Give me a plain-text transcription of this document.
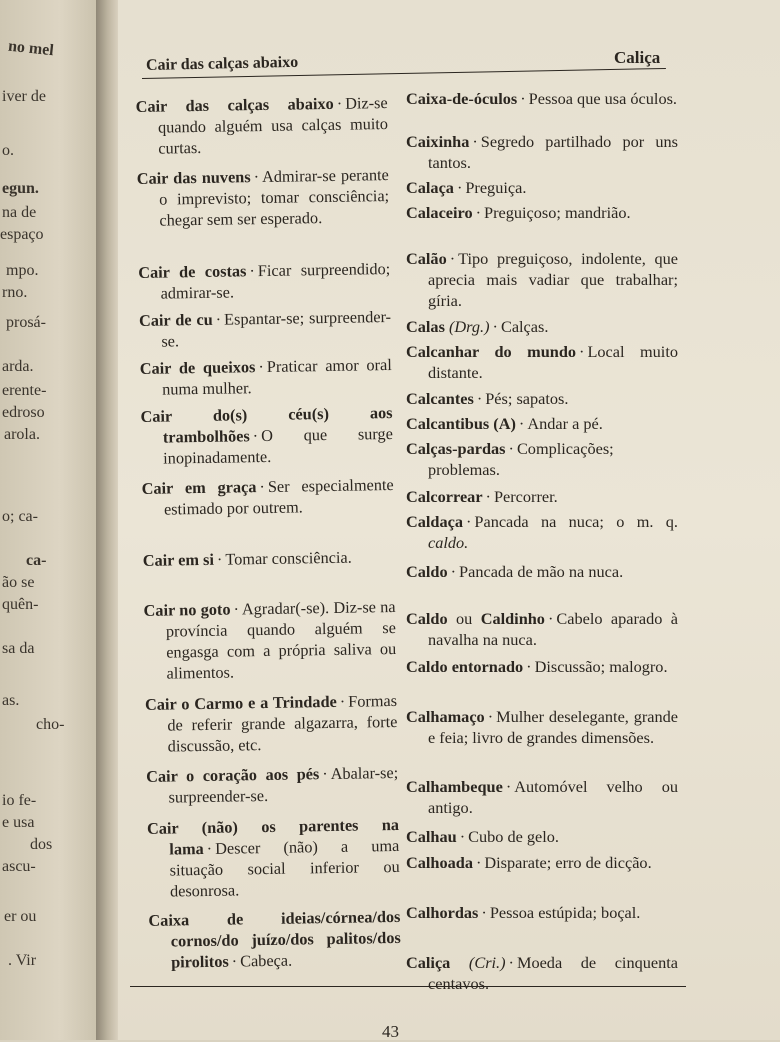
no mel
iver de
o.
egun.
na de
espaço
mpo.
rno.
prosá-
arda.
erente-
edroso
arola.
o; ca-
ca-
ão se
quên-
sa da
as.
cho-
io fe-
e usa
dos
ascu-
er ou
. Vir
Cair das calças abaixo	Caliça
Cair das calças abaixo · Diz-se quando alguém usa calças muito curtas.
Cair das nuvens · Admirar-se perante o imprevisto; tomar consciência; chegar sem ser esperado.
Cair de costas · Ficar surpreendido; admirar-se.
Cair de cu · Espantar-se; surpreender-se.
Cair de queixos · Praticar amor oral numa mulher.
Cair do(s) céu(s) aos trambolhões · O que surge inopinadamente.
Cair em graça · Ser especialmente estimado por outrem.
Cair em si · Tomar consciência.
Cair no goto · Agradar(-se). Diz-se na província quando alguém se engasga com a própria saliva ou alimentos.
Cair o Carmo e a Trindade · Formas de referir grande algazarra, forte discussão, etc.
Cair o coração aos pés · Abalar-se; surpreender-se.
Cair (não) os parentes na lama · Descer (não) a uma situação social inferior ou desonrosa.
Caixa de ideias/córnea/dos cornos/do juízo/dos palitos/dos pirolitos · Cabeça.
Caixa-de-óculos · Pessoa que usa óculos.
Caixinha · Segredo partilhado por uns tantos.
Calaça · Preguiça.
Calaceiro · Preguiçoso; mandrião.
Calão · Tipo preguiçoso, indolente, que aprecia mais vadiar que trabalhar; gíria.
Calas (Drg.) · Calças.
Calcanhar do mundo · Local muito distante.
Calcantes · Pés; sapatos.
Calcantibus (A) · Andar a pé.
Calças-pardas · Complicações; problemas.
Calcorrear · Percorrer.
Caldaça · Pancada na nuca; o m. q. caldo.
Caldo · Pancada de mão na nuca.
Caldo ou Caldinho · Cabelo aparado à navalha na nuca.
Caldo entornado · Discussão; malogro.
Calhamaço · Mulher deselegante, grande e feia; livro de grandes dimensões.
Calhambeque · Automóvel velho ou antigo.
Calhau · Cubo de gelo.
Calhoada · Disparate; erro de dicção.
Calhordas · Pessoa estúpida; boçal.
Caliça (Cri.) · Moeda de cinquenta centavos.
43
